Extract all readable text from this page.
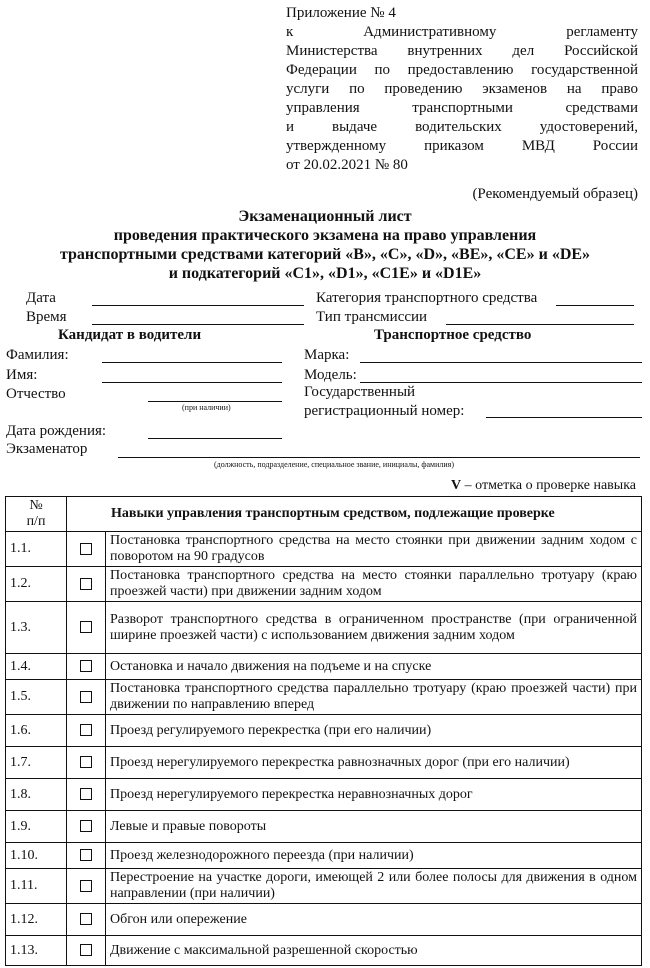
Приложение № 4
к Административному регламенту
Министерства внутренних дел Российской
Федерации по предоставлению государственной
услуги по проведению экзаменов на право
управления транспортными средствами
и выдаче водительских удостоверений,
утвержденному приказом МВД России
от 20.02.2021 № 80
(Рекомендуемый образец)
Экзаменационный лист
проведения практического экзамена на право управления
транспортными средствами категорий «B», «C», «D», «BE», «CE» и «DE»
и подкатегорий «C1», «D1», «C1E» и «D1E»
Дата
Время
Категория транспортного средства
Тип трансмиссии
Кандидат в водители	Транспортное средство
Фамилия:
Имя:
Отчество
(при наличии)
Марка:
Модель:
Государственный
регистрационный номер:
Дата рождения:
Экзаменатор
(должность, подразделение, специальное звание, инициалы, фамилия)
V – отметка о проверке навыка
№
п/п	Навыки управления транспортным средством, подлежащие проверке	
1.1.		Постановка транспортного средства на место стоянки при движении задним ходом с поворотом на 90 градусов
1.2.		Постановка транспортного средства на место стоянки параллельно тротуару (краю проезжей части) при движении задним ходом
1.3.		Разворот транспортного средства в ограниченном пространстве (при ограниченной ширине проезжей части) с использованием движения задним ходом
1.4.		Остановка и начало движения на подъеме и на спуске
1.5.		Постановка транспортного средства параллельно тротуару (краю проезжей части) при движении по направлению вперед
1.6.		Проезд регулируемого перекрестка (при его наличии)
1.7.		Проезд нерегулируемого перекрестка равнозначных дорог (при его наличии)
1.8.		Проезд нерегулируемого перекрестка неравнозначных дорог
1.9.		Левые и правые повороты
1.10.		Проезд железнодорожного переезда (при наличии)
1.11.		Перестроение на участке дороги, имеющей 2 или более полосы для движения в одном направлении (при наличии)
1.12.		Обгон или опережение
1.13.		Движение с максимальной разрешенной скоростью
